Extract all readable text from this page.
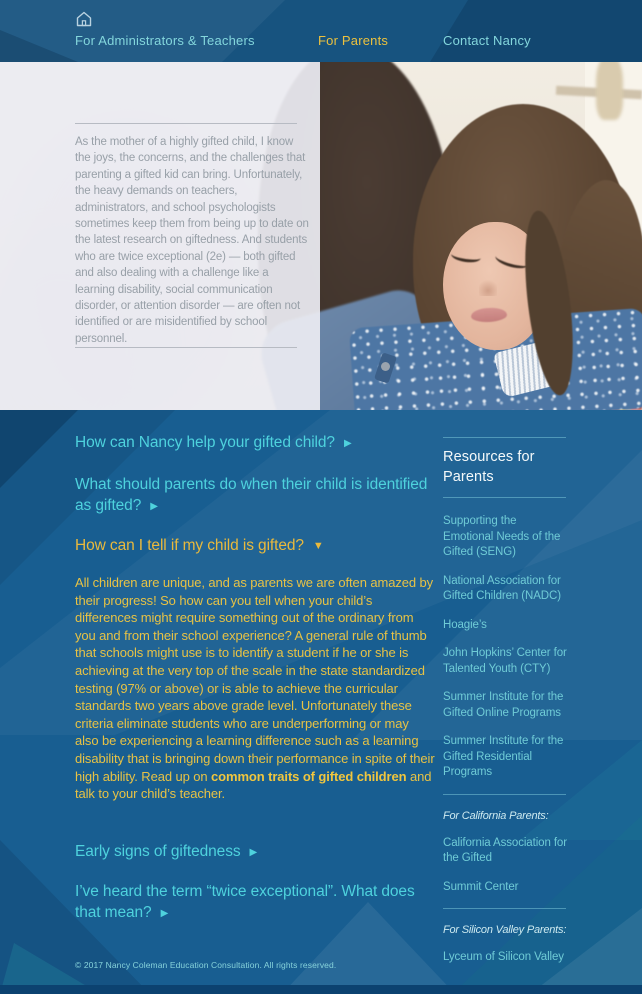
For Administrators & Teachers	For Parents	Contact Nancy
As the mother of a highly gifted child, I know the joys, the concerns, and the challenges that parenting a gifted kid can bring. Unfortunately, the heavy demands on teachers, administrators, and school psychologists sometimes keep them from being up to date on the latest research on giftedness. And students who are twice exceptional (2e) — both gifted and also dealing with a challenge like a learning disability, social communication disorder, or attention disorder — are often not identified or are misidentified by school personnel.
How can Nancy help your gifted child? ▶
What should parents do when their child is identified as gifted? ▶
How can I tell if my child is gifted? ▼
All children are unique, and as parents we are often amazed by their progress! So how can you tell when your child’s differences might require something out of the ordinary from you and from their school experience? A general rule of thumb that schools might use is to identify a student if he or she is achieving at the very top of the scale in the state standardized testing (97% or above) or is able to achieve the curricular standards two years above grade level. Unfortunately these criteria eliminate students who are underperforming or may also be experiencing a learning difference such as a learning disability that is bringing down their performance in spite of their high ability. Read up on common traits of gifted children and talk to your child’s teacher.
Early signs of giftedness ▶
I’ve heard the term “twice exceptional”. What does that mean? ▶
Resources for Parents
Supporting the Emotional Needs of the Gifted (SENG)
National Association for Gifted Children (NADC)
Hoagie’s
John Hopkins’ Center for Talented Youth (CTY)
Summer Institute for the Gifted Online Programs
Summer Institute for the Gifted Residential Programs
For California Parents:
California Association for the Gifted
Summit Center
For Silicon Valley Parents:
Lyceum of Silicon Valley
© 2017 Nancy Coleman Education Consultation. All rights reserved.
